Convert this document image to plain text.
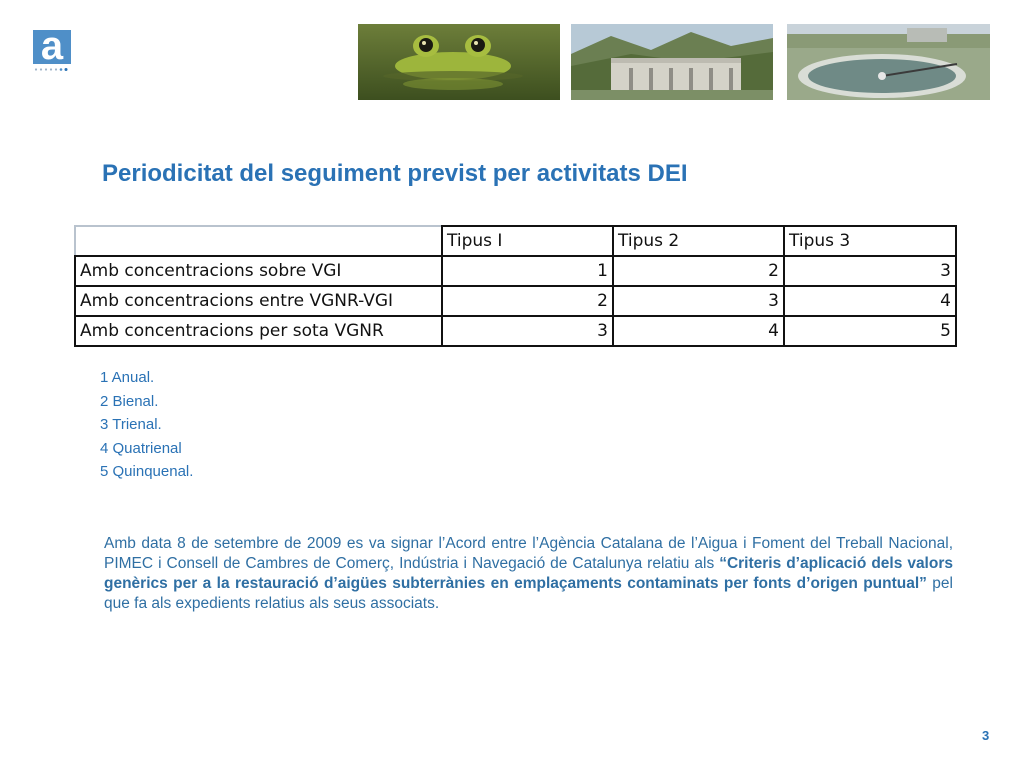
a
Periodicitat del seguiment previst per activitats DEI
	Tipus I	Tipus 2	Tipus 3
Amb concentracions sobre VGI	1	2	3
Amb concentracions entre VGNR-VGI	2	3	4
Amb concentracions per sota VGNR	3	4	5
1 Anual.
2 Bienal.
3 Trienal.
4 Quatrienal
5 Quinquenal.

Amb data 8 de setembre de 2009 es va signar l’Acord entre l’Agència Catalana de l’Aigua i Foment del Treball Nacional, PIMEC i Consell de Cambres de Comerç, Indústria i Navegació de Catalunya relatiu als “Criteris d’aplicació dels valors genèrics per a la restauració d’aigües subterrànies en emplaçaments contaminats per fonts d’origen puntual” pel que fa als expedients relatius als seus associats.

3
